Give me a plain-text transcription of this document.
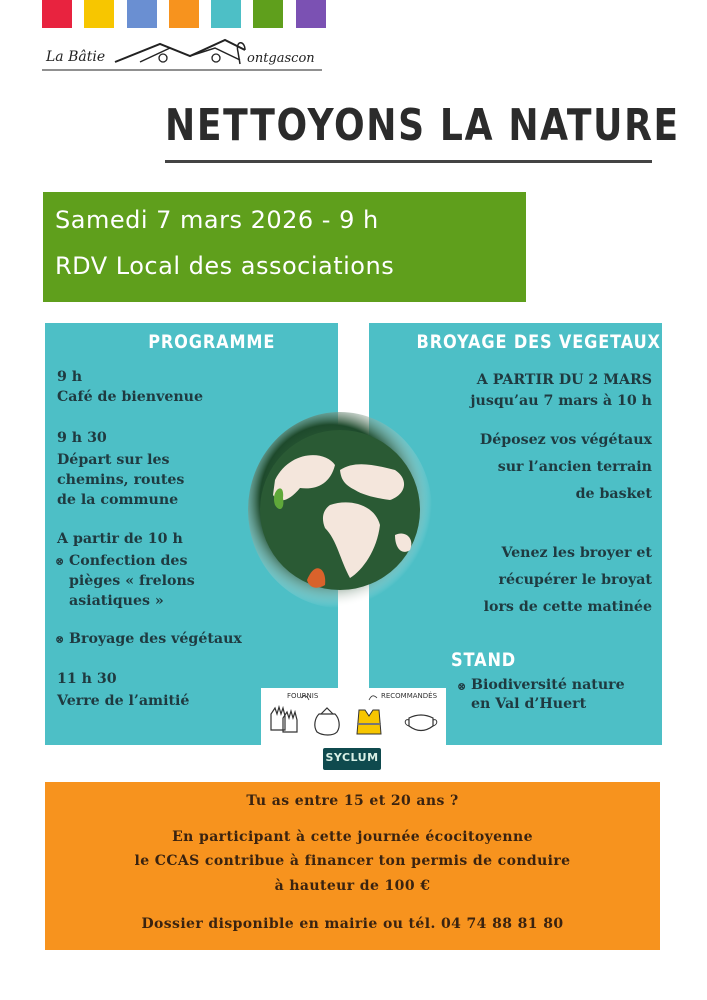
La Bâtie	ontgascon
NETTOYONS LA NATURE
Samedi 7 mars 2026 - 9 h
RDV Local des associations
PROGRAMME
9 h
Café de bienvenue
9 h 30
Départ sur les
chemins, routes
de la commune
A partir de 10 h
⊗ Confection des
pièges « frelons
asiatiques »
⊗ Broyage des végétaux
11 h 30
Verre de l’amitié
BROYAGE DES VEGETAUX
A PARTIR DU 2 MARS
jusqu’au 7 mars à 10 h
Déposez vos végétaux
sur l’ancien terrain
de basket
Venez les broyer et
récupérer le broyat
lors de cette matinée
STAND
⊗ Biodiversité nature
en Val d’Huert
FOURNIS	RECOMMANDÉS
SYCLUM
Tu as entre 15 et 20 ans ?
En participant à cette journée écocitoyenne
le CCAS contribue à financer ton permis de conduire
à hauteur de 100 €
Dossier disponible en mairie ou tél. 04 74 88 81 80
